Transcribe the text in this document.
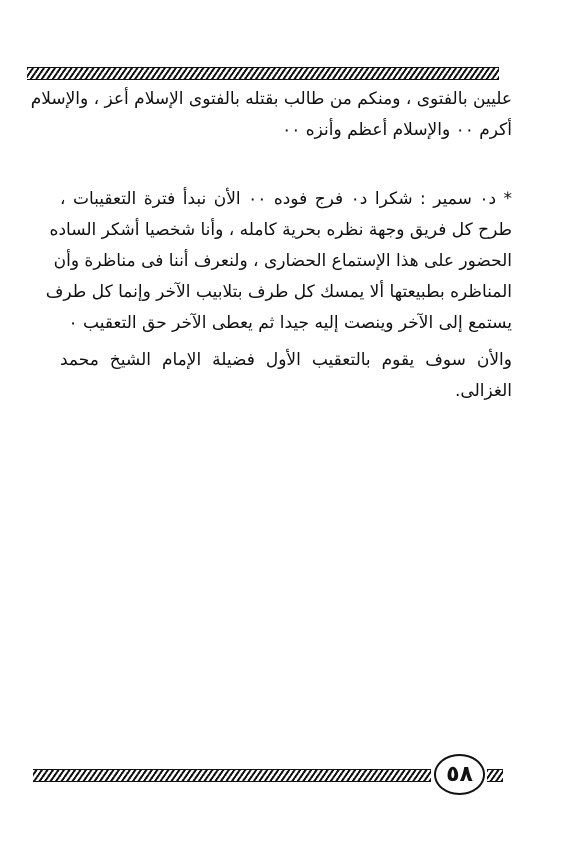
عليين بالفتوى ، ومنكم من طالب بقتله بالفتوى الإسلام أعز ، والإسلام
أكرم ٠٠ والإسلام أعظم وأنزه ٠٠
* د٠ سمير : شكرا د٠ فرج فوده ٠٠ الأن نبدأ فترة التعقيبات ،
طرح كل فريق وجهة نظره بحرية كامله ، وأنا شخصيا أشكر الساده
الحضور على هذا الإستماع الحضارى ، ولنعرف أننا فى مناظرة وأن
المناظره بطبيعتها ألا يمسك كل طرف بتلابيب الآخر وإنما كل طرف
يستمع إلى الآخر وينصت إليه جيدا ثم يعطى الآخر حق التعقيب ٠
والأن سوف يقوم بالتعقيب الأول فضيلة الإمام الشيخ محمد
الغزالى.
٥٨
